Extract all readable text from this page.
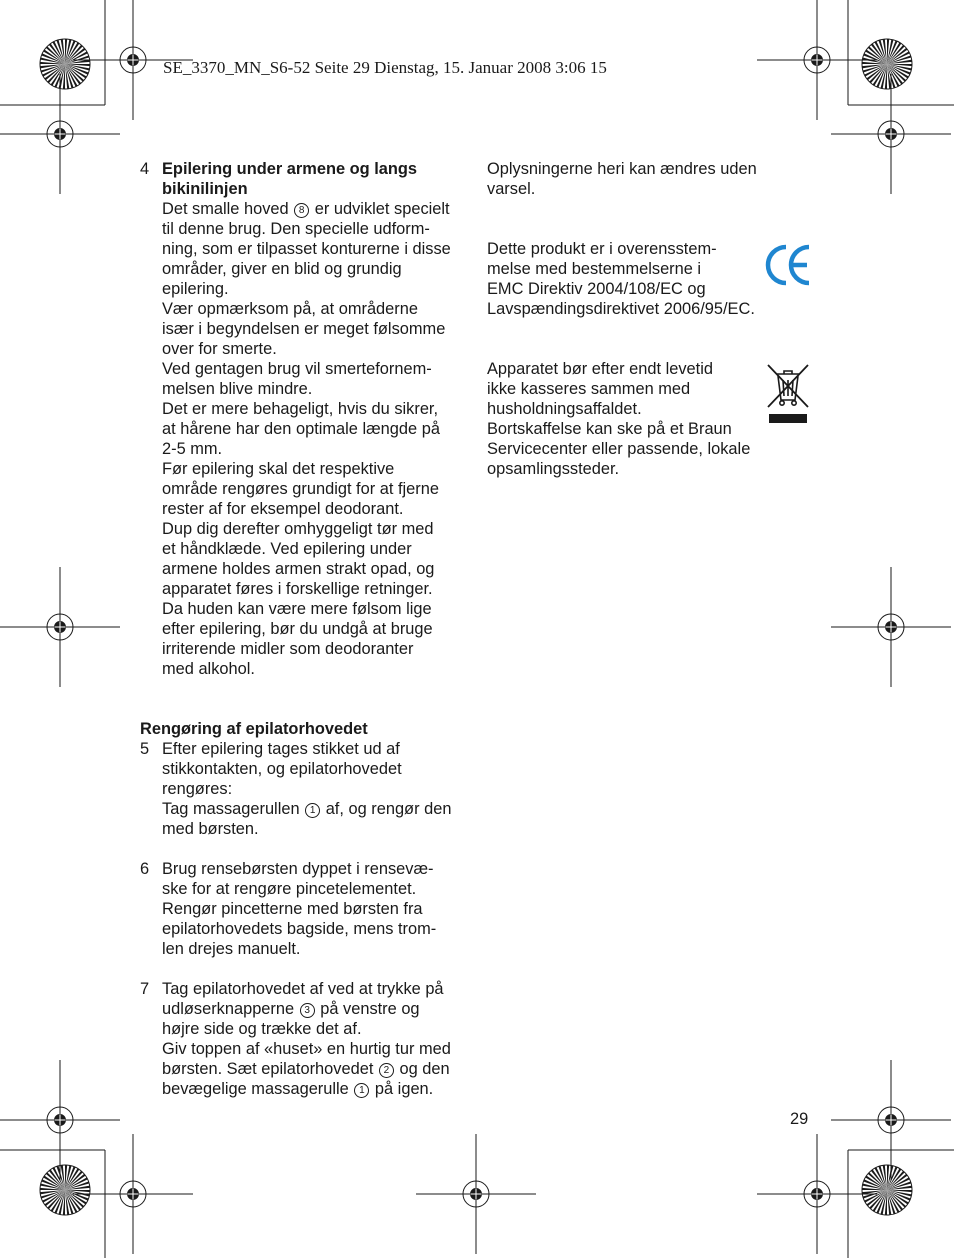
SE_3370_MN_S6-52 Seite 29 Dienstag, 15. Januar 2008 3:06 15
4 Epilering under armene og langs
bikinilinjen
Det smalle hoved 8 er udviklet specielt
til denne brug. Den specielle udform-
ning, som er tilpasset konturerne i disse
områder, giver en blid og grundig
epilering.
Vær opmærksom på, at områderne
især i begyndelsen er meget følsomme
over for smerte.
Ved gentagen brug vil smertefornem-
melsen blive mindre.
Det er mere behageligt, hvis du sikrer,
at hårene har den optimale længde på
2-5 mm.
Før epilering skal det respektive
område rengøres grundigt for at fjerne
rester af for eksempel deodorant.
Dup dig derefter omhyggeligt tør med
et håndklæde. Ved epilering under
armene holdes armen strakt opad, og
apparatet føres i forskellige retninger.
Da huden kan være mere følsom lige
efter epilering, bør du undgå at bruge
irriterende midler som deodoranter
med alkohol.
Rengøring af epilatorhovedet
5 Efter epilering tages stikket ud af
stikkontakten, og epilatorhovedet
rengøres:
Tag massagerullen 1 af, og rengør den
med børsten.
6 Brug rensebørsten dyppet i rensevæ-
ske for at rengøre pincetelementet.
Rengør pincetterne med børsten fra
epilatorhovedets bagside, mens trom-
len drejes manuelt.
7 Tag epilatorhovedet af ved at trykke på
udløserknapperne 3 på venstre og
højre side og trække det af.
Giv toppen af «huset» en hurtig tur med
børsten. Sæt epilatorhovedet 2 og den
bevægelige massagerulle 1 på igen.
Oplysningerne heri kan ændres uden
varsel.
Dette produkt er i overensstem-
melse med bestemmelserne i
EMC Direktiv 2004/108/EC og
Lavspændingsdirektivet 2006/95/EC.
Apparatet bør efter endt levetid
ikke kasseres sammen med
husholdningsaffaldet.
Bortskaffelse kan ske på et Braun
Servicecenter eller passende, lokale
opsamlingssteder.
29
